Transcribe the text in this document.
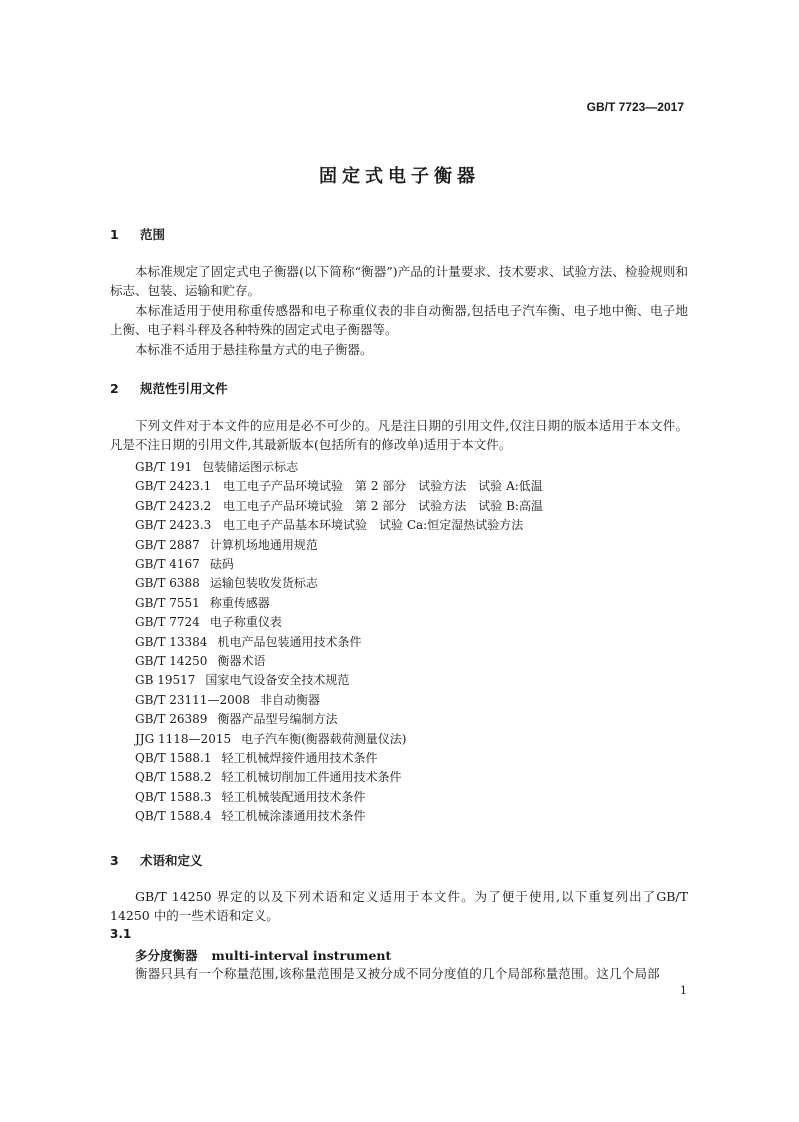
GB/T 7723—2017
固定式电子衡器
1 范围
本标准规定了固定式电子衡器(以下简称“衡器”)产品的计量要求、技术要求、试验方法、检验规则和标志、包装、运输和贮存。
本标准适用于使用称重传感器和电子称重仪表的非自动衡器,包括电子汽车衡、电子地中衡、电子地上衡、电子料斗秤及各种特殊的固定式电子衡器等。
本标准不适用于悬挂称量方式的电子衡器。
2 规范性引用文件
下列文件对于本文件的应用是必不可少的。凡是注日期的引用文件,仅注日期的版本适用于本文件。凡是不注日期的引用文件,其最新版本(包括所有的修改单)适用于本文件。
GB/T 191 包装储运图示标志
GB/T 2423.1 电工电子产品环境试验　第 2 部分　试验方法　试验 A:低温
GB/T 2423.2 电工电子产品环境试验　第 2 部分　试验方法　试验 B:高温
GB/T 2423.3 电工电子产品基本环境试验　试验 Ca:恒定湿热试验方法
GB/T 2887 计算机场地通用规范
GB/T 4167 砝码
GB/T 6388 运输包装收发货标志
GB/T 7551 称重传感器
GB/T 7724 电子称重仪表
GB/T 13384 机电产品包装通用技术条件
GB/T 14250 衡器术语
GB 19517 国家电气设备安全技术规范
GB/T 23111—2008 非自动衡器
GB/T 26389 衡器产品型号编制方法
JJG 1118—2015 电子汽车衡(衡器载荷测量仪法)
QB/T 1588.1 轻工机械焊接件通用技术条件
QB/T 1588.2 轻工机械切削加工件通用技术条件
QB/T 1588.3 轻工机械装配通用技术条件
QB/T 1588.4 轻工机械涂漆通用技术条件
3 术语和定义
GB/T 14250 界定的以及下列术语和定义适用于本文件。为了便于使用,以下重复列出了GB/T 14250 中的一些术语和定义。
3.1
多分度衡器 multi-interval instrument
衡器只具有一个称量范围,该称量范围是又被分成不同分度值的几个局部称量范围。这几个局部
1
